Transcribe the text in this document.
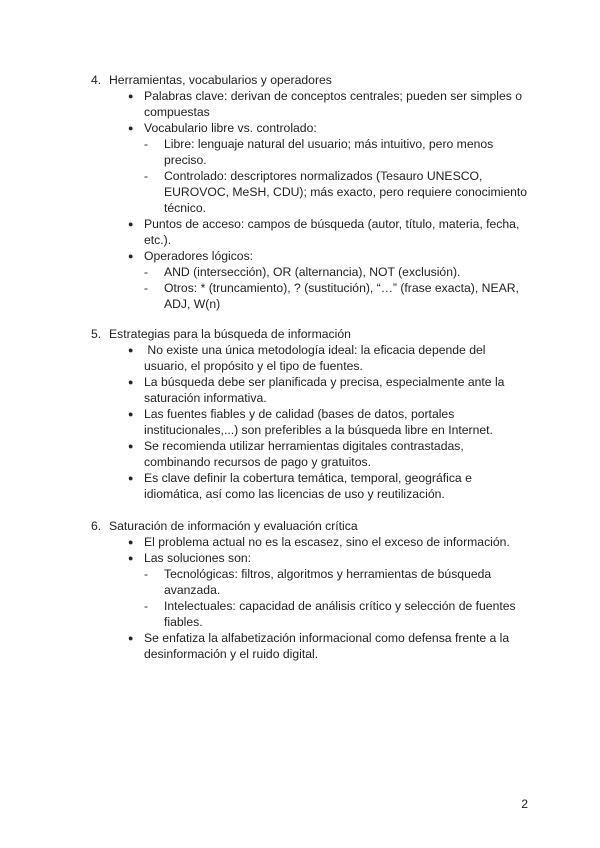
4. Herramientas, vocabularios y operadores
● Palabras clave: derivan de conceptos centrales; pueden ser simples o compuestas
● Vocabulario libre vs. controlado:
-	Libre: lenguaje natural del usuario; más intuitivo, pero menos preciso.
-	Controlado: descriptores normalizados (Tesauro UNESCO, EUROVOC, MeSH, CDU); más exacto, pero requiere conocimiento técnico.
● Puntos de acceso: campos de búsqueda (autor, título, materia, fecha, etc.).
● Operadores lógicos:
-	AND (intersección), OR (alternancia), NOT (exclusión).
-	Otros: * (truncamiento), ? (sustitución), “…” (frase exacta), NEAR, ADJ, W(n)
5. Estrategias para la búsqueda de información
● No existe una única metodología ideal: la eficacia depende del usuario, el propósito y el tipo de fuentes.
● La búsqueda debe ser planificada y precisa, especialmente ante la saturación informativa.
● Las fuentes fiables y de calidad (bases de datos, portales institucionales,...) son preferibles a la búsqueda libre en Internet.
● Se recomienda utilizar herramientas digitales contrastadas, combinando recursos de pago y gratuitos.
● Es clave definir la cobertura temática, temporal, geográfica e idiomática, así como las licencias de uso y reutilización.
6. Saturación de información y evaluación crítica
● El problema actual no es la escasez, sino el exceso de información.
● Las soluciones son:
-	Tecnológicas: filtros, algoritmos y herramientas de búsqueda avanzada.
-	Intelectuales: capacidad de análisis crítico y selección de fuentes fiables.
● Se enfatiza la alfabetización informacional como defensa frente a la desinformación y el ruido digital.
2
